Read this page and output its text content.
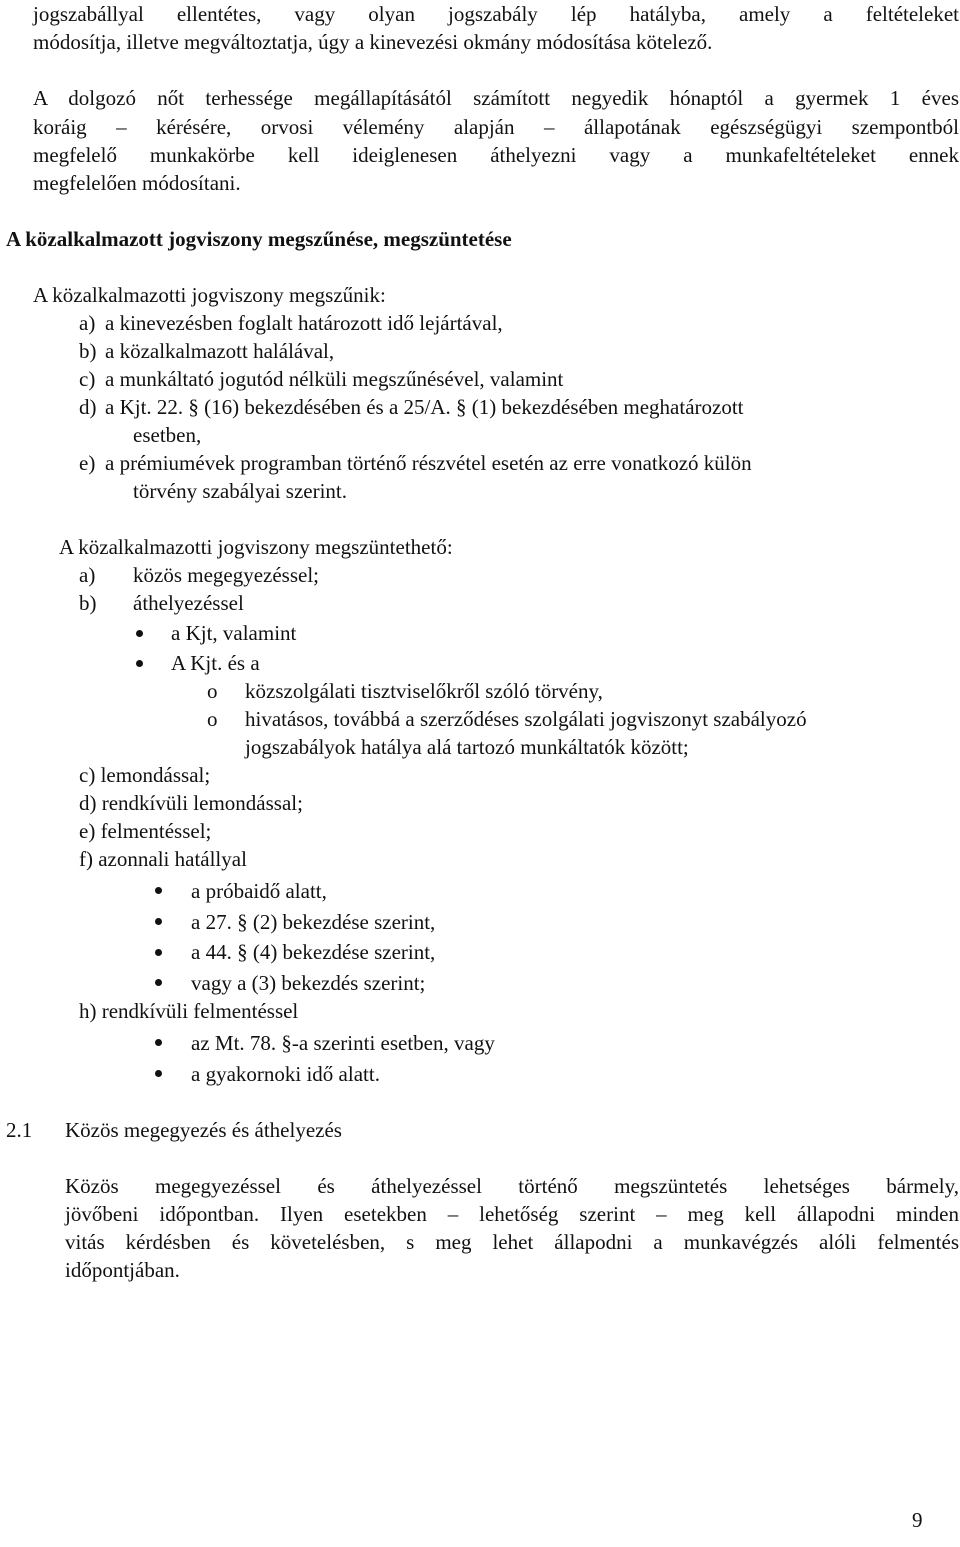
jogszabállyal ellentétes, vagy olyan jogszabály lép hatályba, amely a feltételeket
módosítja, illetve megváltoztatja, úgy a kinevezési okmány módosítása kötelező.
A dolgozó nőt terhessége megállapításától számított negyedik hónaptól a gyermek 1 éves
koráig – kérésére, orvosi vélemény alapján – állapotának egészségügyi szempontból
megfelelő munkakörbe kell ideiglenesen áthelyezni vagy a munkafeltételeket ennek
megfelelően módosítani.
A közalkalmazott jogviszony megszűnése, megszüntetése
A közalkalmazotti jogviszony megszűnik:
a) a kinevezésben foglalt határozott idő lejártával,
b) a közalkalmazott halálával,
c) a munkáltató jogutód nélküli megszűnésével, valamint
d) a Kjt. 22. § (16) bekezdésében és a 25/A. § (1) bekezdésében meghatározott
esetben,
e) a prémiumévek programban történő részvétel esetén az erre vonatkozó külön
törvény szabályai szerint.
A közalkalmazotti jogviszony megszüntethető:
a) közös megegyezéssel;
b) áthelyezéssel
a Kjt, valamint
A Kjt. és a
o közszolgálati tisztviselőkről szóló törvény,
o hivatásos, továbbá a szerződéses szolgálati jogviszonyt szabályozó
jogszabályok hatálya alá tartozó munkáltatók között;
c) lemondással;
d) rendkívüli lemondással;
e) felmentéssel;
f) azonnali hatállyal
a próbaidő alatt,
a 27. § (2) bekezdése szerint,
a 44. § (4) bekezdése szerint,
vagy a (3) bekezdés szerint;
h) rendkívüli felmentéssel
az Mt. 78. §-a szerinti esetben, vagy
a gyakornoki idő alatt.
2.1 Közös megegyezés és áthelyezés
Közös megegyezéssel és áthelyezéssel történő megszüntetés lehetséges bármely,
jövőbeni időpontban. Ilyen esetekben – lehetőség szerint – meg kell állapodni minden
vitás kérdésben és követelésben, s meg lehet állapodni a munkavégzés alóli felmentés
időpontjában.
9
